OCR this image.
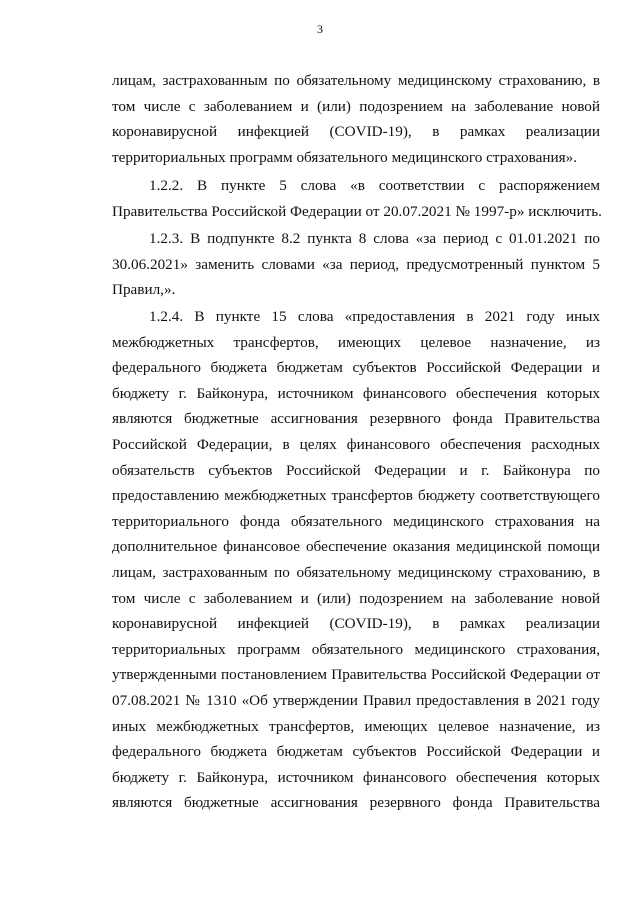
3
лицам, застрахованным по обязательному медицинскому страхованию, в
том числе с заболеванием и (или) подозрением на заболевание новой
коронавирусной инфекцией (COVID-19), в рамках реализации
территориальных программ обязательного медицинского страхования».
1.2.2. В пункте 5 слова «в соответствии с распоряжением
Правительства Российской Федерации от 20.07.2021 № 1997-р» исключить.
1.2.3. В подпункте 8.2 пункта 8 слова «за период с 01.01.2021 по
30.06.2021» заменить словами «за период, предусмотренный пунктом 5
Правил,».
1.2.4. В пункте 15 слова «предоставления в 2021 году иных
межбюджетных трансфертов, имеющих целевое назначение, из
федерального бюджета бюджетам субъектов Российской Федерации и
бюджету г. Байконура, источником финансового обеспечения которых
являются бюджетные ассигнования резервного фонда Правительства
Российской Федерации, в целях финансового обеспечения расходных
обязательств субъектов Российской Федерации и г. Байконура по
предоставлению межбюджетных трансфертов бюджету соответствующего
территориального фонда обязательного медицинского страхования на
дополнительное финансовое обеспечение оказания медицинской помощи
лицам, застрахованным по обязательному медицинскому страхованию, в
том числе с заболеванием и (или) подозрением на заболевание новой
коронавирусной инфекцией (COVID-19), в рамках реализации
территориальных программ обязательного медицинского страхования,
утвержденными постановлением Правительства Российской Федерации от
07.08.2021 № 1310 «Об утверждении Правил предоставления в 2021 году
иных межбюджетных трансфертов, имеющих целевое назначение, из
федерального бюджета бюджетам субъектов Российской Федерации и
бюджету г. Байконура, источником финансового обеспечения которых
являются бюджетные ассигнования резервного фонда Правительства
